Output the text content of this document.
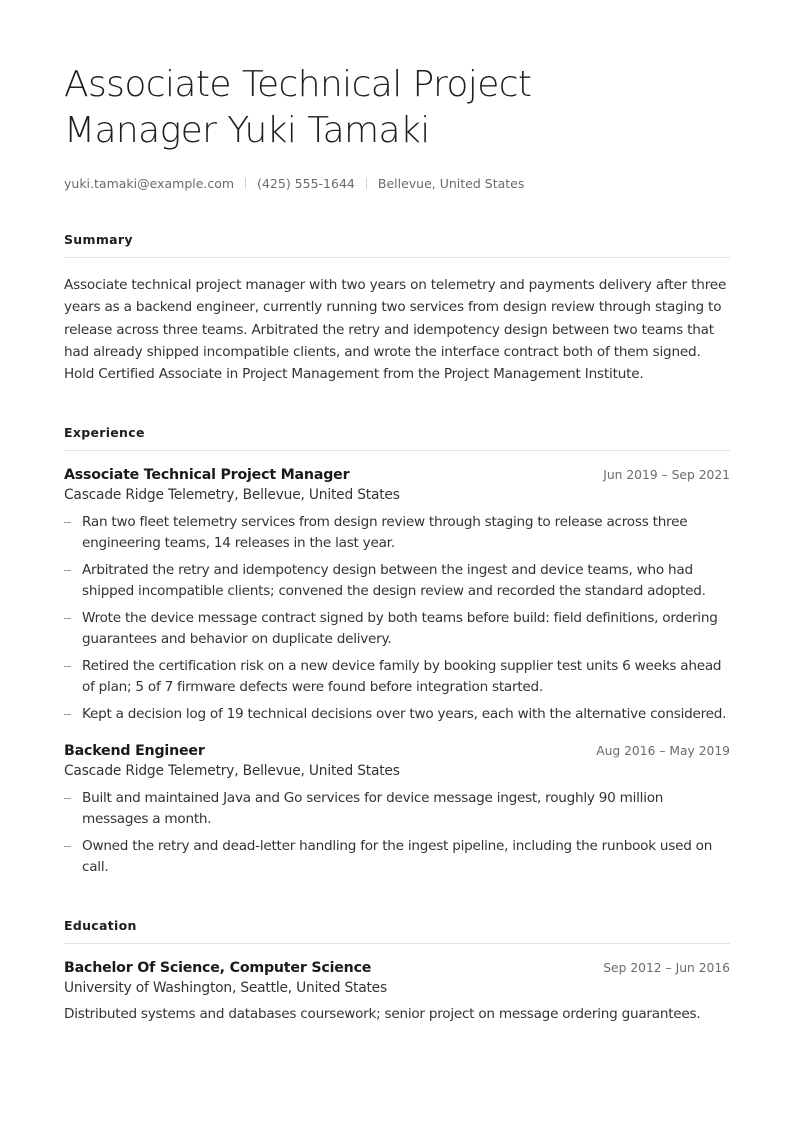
Associate Technical Project Manager Yuki Tamaki
yuki.tamaki@example.com (425) 555-1644 Bellevue, United States
Summary
Associate technical project manager with two years on telemetry and payments delivery after three years as a backend engineer, currently running two services from design review through staging to release across three teams. Arbitrated the retry and idempotency design between two teams that had already shipped incompatible clients, and wrote the interface contract both of them signed. Hold Certified Associate in Project Management from the Project Management Institute.
Experience
Associate Technical Project Manager	Jun 2019 – Sep 2021
Cascade Ridge Telemetry, Bellevue, United States
Ran two fleet telemetry services from design review through staging to release across three engineering teams, 14 releases in the last year.
Arbitrated the retry and idempotency design between the ingest and device teams, who had shipped incompatible clients; convened the design review and recorded the standard adopted.
Wrote the device message contract signed by both teams before build: field definitions, ordering guarantees and behavior on duplicate delivery.
Retired the certification risk on a new device family by booking supplier test units 6 weeks ahead of plan; 5 of 7 firmware defects were found before integration started.
Kept a decision log of 19 technical decisions over two years, each with the alternative considered.
Backend Engineer	Aug 2016 – May 2019
Cascade Ridge Telemetry, Bellevue, United States
Built and maintained Java and Go services for device message ingest, roughly 90 million messages a month.
Owned the retry and dead-letter handling for the ingest pipeline, including the runbook used on call.
Education
Bachelor Of Science, Computer Science	Sep 2012 – Jun 2016
University of Washington, Seattle, United States
Distributed systems and databases coursework; senior project on message ordering guarantees.
